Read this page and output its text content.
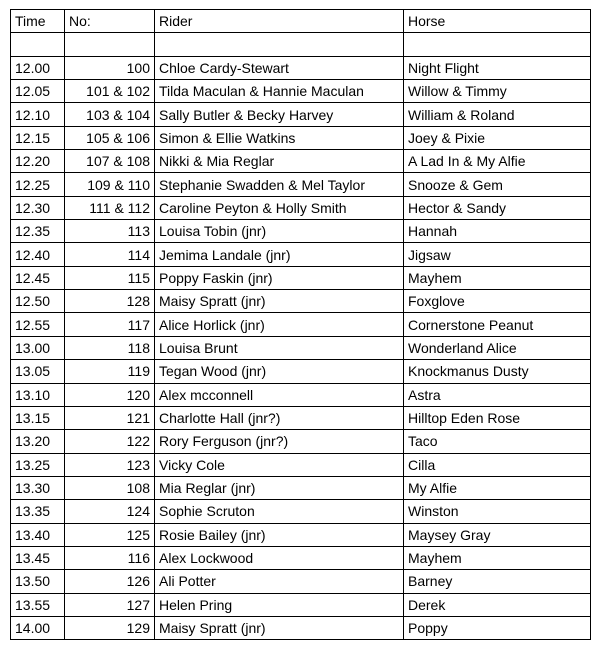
Time	No:	Rider	Horse

12.00	100	Chloe Cardy-Stewart	Night Flight
12.05	101 & 102	Tilda Maculan & Hannie Maculan	Willow & Timmy
12.10	103 & 104	Sally Butler & Becky Harvey	William & Roland
12.15	105 & 106	Simon & Ellie Watkins	Joey & Pixie
12.20	107 & 108	Nikki & Mia Reglar	A Lad In & My Alfie
12.25	109 & 110	Stephanie Swadden & Mel Taylor	Snooze & Gem
12.30	111 & 112	Caroline Peyton & Holly Smith	Hector & Sandy
12.35	113	Louisa Tobin (jnr)	Hannah
12.40	114	Jemima Landale (jnr)	Jigsaw
12.45	115	Poppy Faskin (jnr)	Mayhem
12.50	128	Maisy Spratt (jnr)	Foxglove
12.55	117	Alice Horlick (jnr)	Cornerstone Peanut
13.00	118	Louisa Brunt	Wonderland Alice
13.05	119	Tegan Wood (jnr)	Knockmanus Dusty
13.10	120	Alex mcconnell	Astra
13.15	121	Charlotte Hall (jnr?)	Hilltop Eden Rose
13.20	122	Rory Ferguson (jnr?)	Taco
13.25	123	Vicky Cole	Cilla
13.30	108	Mia Reglar (jnr)	My Alfie
13.35	124	Sophie Scruton	Winston
13.40	125	Rosie Bailey (jnr)	Maysey Gray
13.45	116	Alex Lockwood	Mayhem
13.50	126	Ali Potter	Barney
13.55	127	Helen Pring	Derek
14.00	129	Maisy Spratt (jnr)	Poppy
